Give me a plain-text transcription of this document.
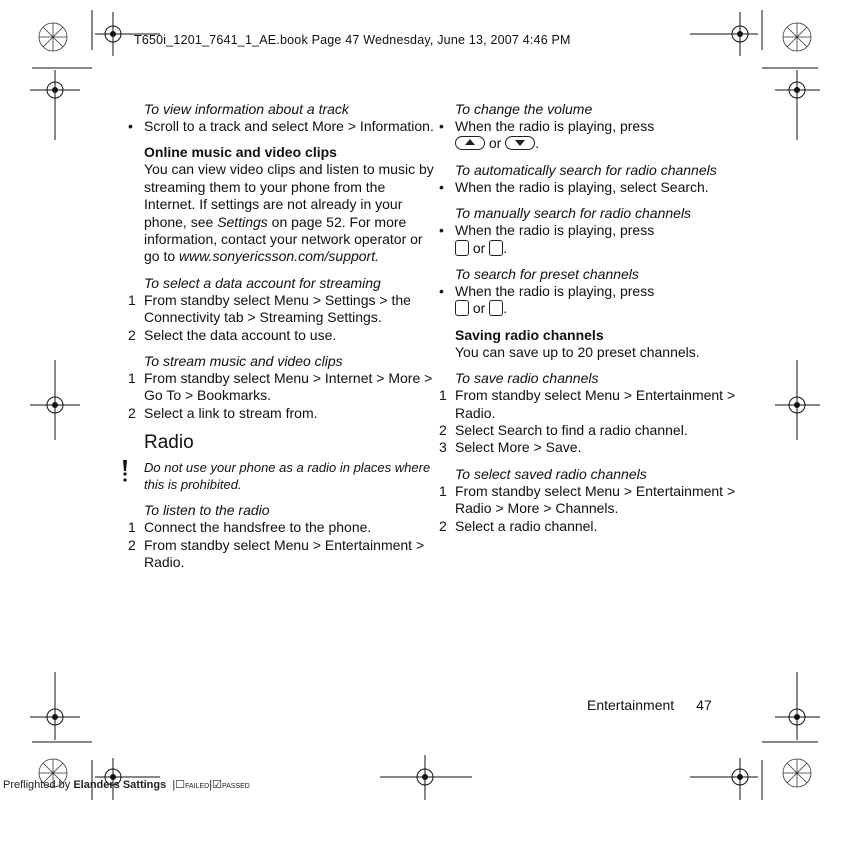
T650i_1201_7641_1_AE.book Page 47 Wednesday, June 13, 2007 4:46 PM

To view information about a track

• Scroll to a track and select More > Information.

Online music and video clips

You can view video clips and listen to music by streaming them to your phone from the Internet. If settings are not already in your phone, see Settings on page 52. For more information, contact your network operator or go to www.sonyericsson.com/support.

To select a data account for streaming

1 From standby select Menu > Settings > the Connectivity tab > Streaming Settings.
2 Select the data account to use.

To stream music and video clips

1 From standby select Menu > Internet > More > Go To > Bookmarks.
2 Select a link to stream from.

Radio

Do not use your phone as a radio in places where this is prohibited.

To listen to the radio

1 Connect the handsfree to the phone.
2 From standby select Menu > Entertainment > Radio.

To change the volume

• When the radio is playing, press
or .

To automatically search for radio channels

• When the radio is playing, select Search.

To manually search for radio channels

• When the radio is playing, press
or .

To search for preset channels

• When the radio is playing, press
or .

Saving radio channels

You can save up to 20 preset channels.

To save radio channels

1 From standby select Menu > Entertainment > Radio.
2 Select Search to find a radio channel.
3 Select More > Save.

To select saved radio channels

1 From standby select Menu > Entertainment > Radio > More > Channels.
2 Select a radio channel.
Entertainment 47
Preflighted by Elanders Sattings  |☐FAILED|☑PASSED
